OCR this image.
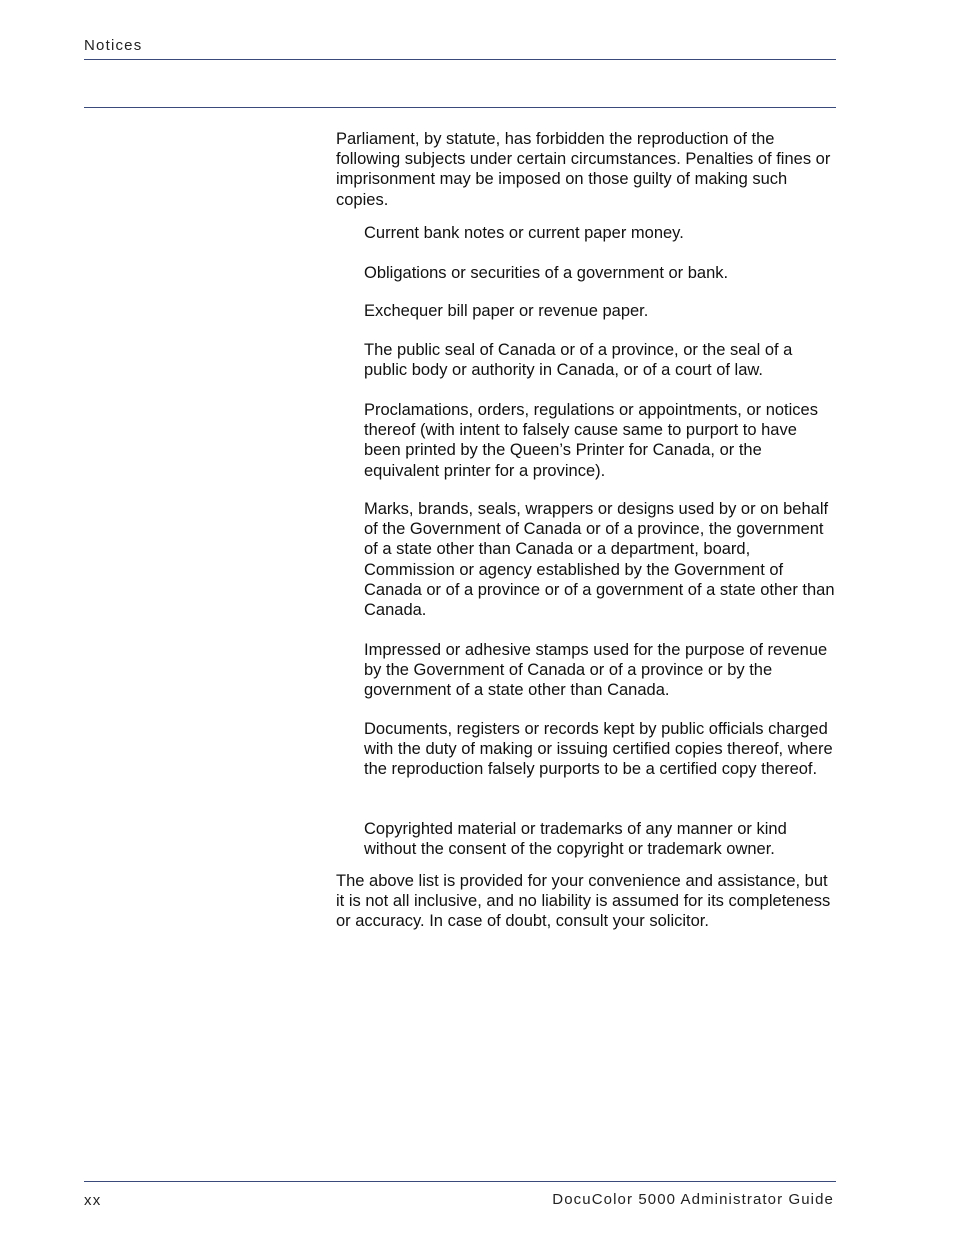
Notices

Parliament, by statute, has forbidden the reproduction of the following subjects under certain circumstances. Penalties of fines or imprisonment may be imposed on those guilty of making such copies.

Current bank notes or current paper money.
Obligations or securities of a government or bank.
Exchequer bill paper or revenue paper.
The public seal of Canada or of a province, or the seal of a public body or authority in Canada, or of a court of law.
Proclamations, orders, regulations or appointments, or notices thereof (with intent to falsely cause same to purport to have been printed by the Queen’s Printer for Canada, or the equivalent printer for a province).
Marks, brands, seals, wrappers or designs used by or on behalf of the Government of Canada or of a province, the government of a state other than Canada or a department, board, Commission or agency established by the Government of Canada or of a province or of a government of a state other than Canada.
Impressed or adhesive stamps used for the purpose of revenue by the Government of Canada or of a province or by the government of a state other than Canada.
Documents, registers or records kept by public officials charged with the duty of making or issuing certified copies thereof, where the reproduction falsely purports to be a certified copy thereof.
Copyrighted material or trademarks of any manner or kind without the consent of the copyright or trademark owner.

The above list is provided for your convenience and assistance, but it is not all inclusive, and no liability is assumed for its completeness or accuracy. In case of doubt, consult your solicitor.

xx	DocuColor 5000 Administrator Guide
